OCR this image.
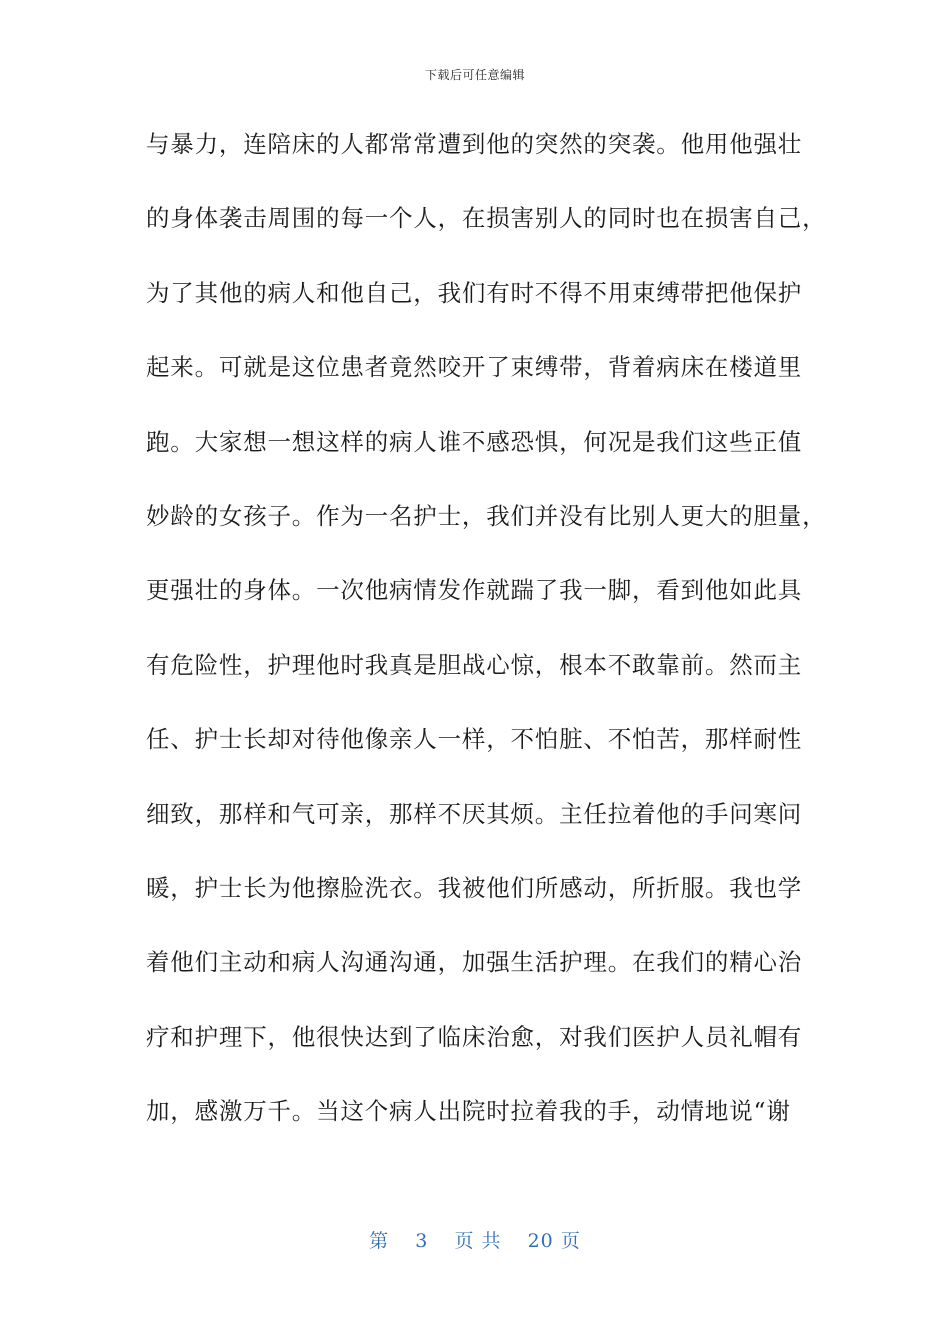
下载后可任意编辑
与暴力，连陪床的人都常常遭到他的突然的突袭。他用他强壮
的身体袭击周围的每一个人，在损害别人的同时也在损害自己，
为了其他的病人和他自己，我们有时不得不用束缚带把他保护
起来。可就是这位患者竟然咬开了束缚带，背着病床在楼道里
跑。大家想一想这样的病人谁不感恐惧，何况是我们这些正值
妙龄的女孩子。作为一名护士，我们并没有比别人更大的胆量，
更强壮的身体。一次他病情发作就踹了我一脚，看到他如此具
有危险性，护理他时我真是胆战心惊，根本不敢靠前。然而主
任、护士长却对待他像亲人一样，不怕脏、不怕苦，那样耐性
细致，那样和气可亲，那样不厌其烦。主任拉着他的手问寒问
暖，护士长为他擦脸洗衣。我被他们所感动，所折服。我也学
着他们主动和病人沟通沟通，加强生活护理。在我们的精心治
疗和护理下，他很快达到了临床治愈，对我们医护人员礼帽有
加，感激万千。当这个病人出院时拉着我的手，动情地说“谢
第 3 页 共 20 页
